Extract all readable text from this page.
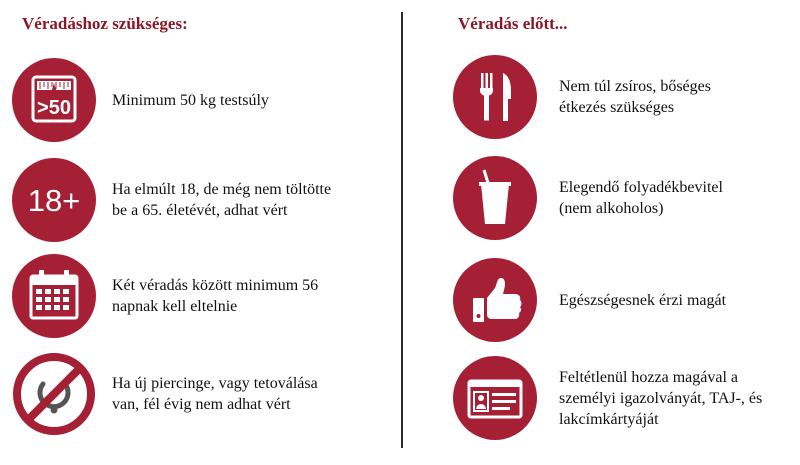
Véradáshoz szükséges:	Véradás előtt...
>50	Minimum 50 kg testsúly
18+ Ha elmúlt 18, de még nem töltötte
be a 65. életévét, adhat vért
Két véradás között minimum 56
napnak kell eltelnie
Ha új piercinge, vagy tetoválása
van, fél évig nem adhat vért
Nem túl zsíros, bőséges
étkezés szükséges
Elegendő folyadékbevitel
(nem alkoholos)
Egészségesnek érzi magát
Feltétlenül hozza magával a
személyi igazolványát, TAJ-, és
lakcímkártyáját
